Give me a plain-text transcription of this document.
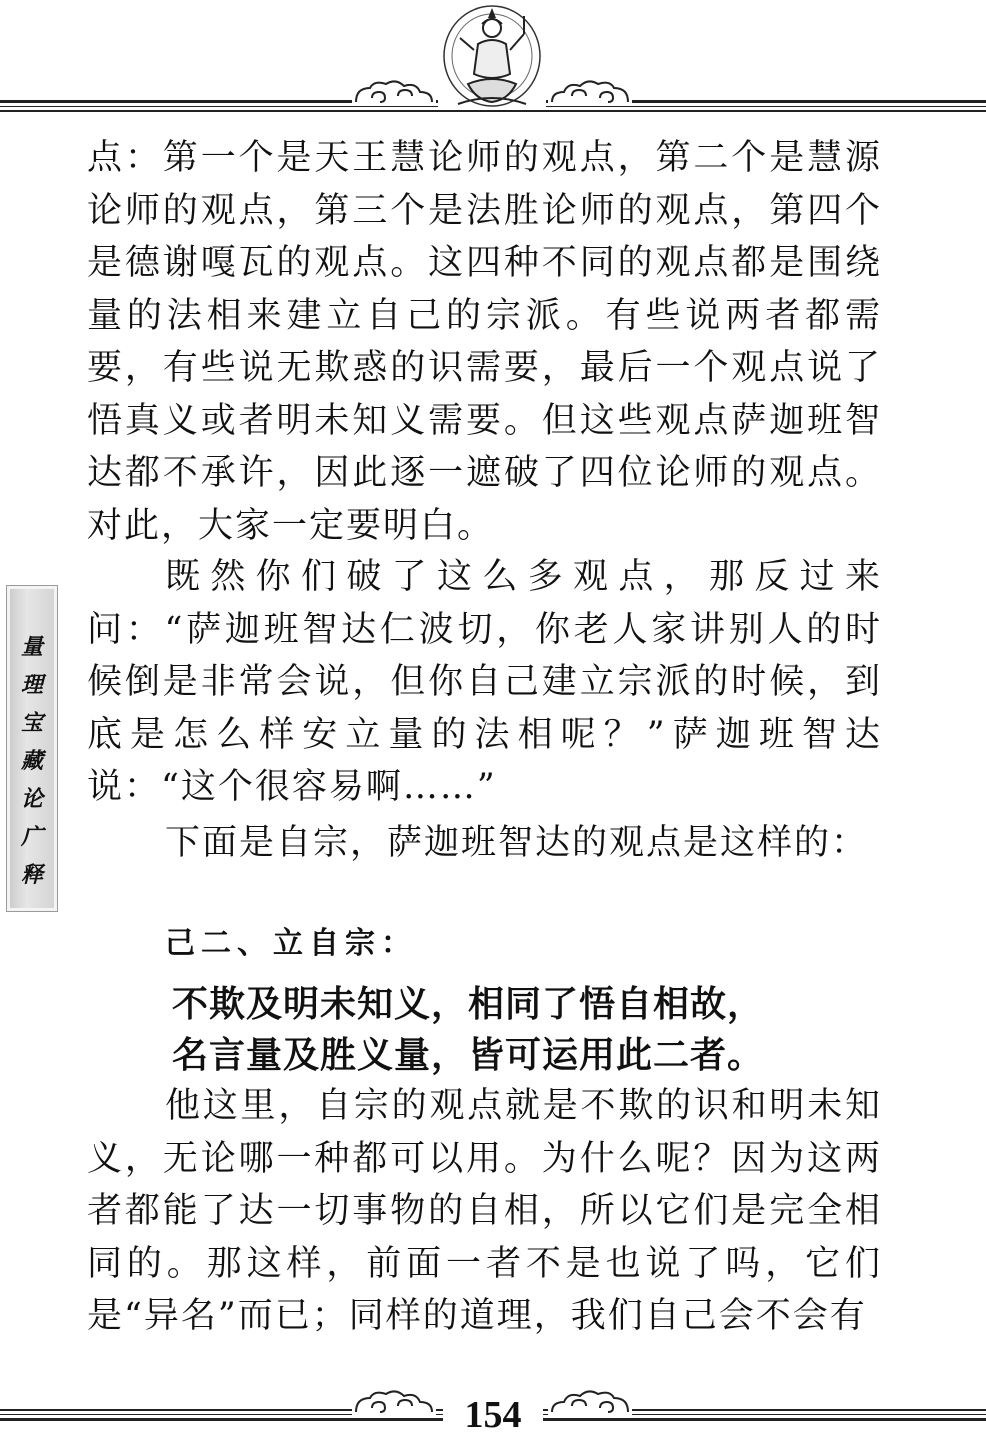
量
理
宝
藏
论
广
释
点：第一个是天王慧论师的观点，第二个是慧源论师的观点，第三个是法胜论师的观点，第四个是德谢嘎瓦的观点。这四种不同的观点都是围绕量的法相来建立自己的宗派。有些说两者都需要，有些说无欺惑的识需要，最后一个观点说了悟真义或者明未知义需要。但这些观点萨迦班智达都不承许，因此逐一遮破了四位论师的观点。对此，大家一定要明白。
既然你们破了这么多观点，那反过来问：“萨迦班智达仁波切，你老人家讲别人的时候倒是非常会说，但你自己建立宗派的时候，到底是怎么样安立量的法相呢？”萨迦班智达说：“这个很容易啊……”
下面是自宗，萨迦班智达的观点是这样的：
己二、立自宗：
不欺及明未知义，相同了悟自相故，
名言量及胜义量，皆可运用此二者。
他这里，自宗的观点就是不欺的识和明未知义，无论哪一种都可以用。为什么呢？因为这两者都能了达一切事物的自相，所以它们是完全相同的。那这样，前面一者不是也说了吗，它们是“异名”而已；同样的道理，我们自己会不会有
154
